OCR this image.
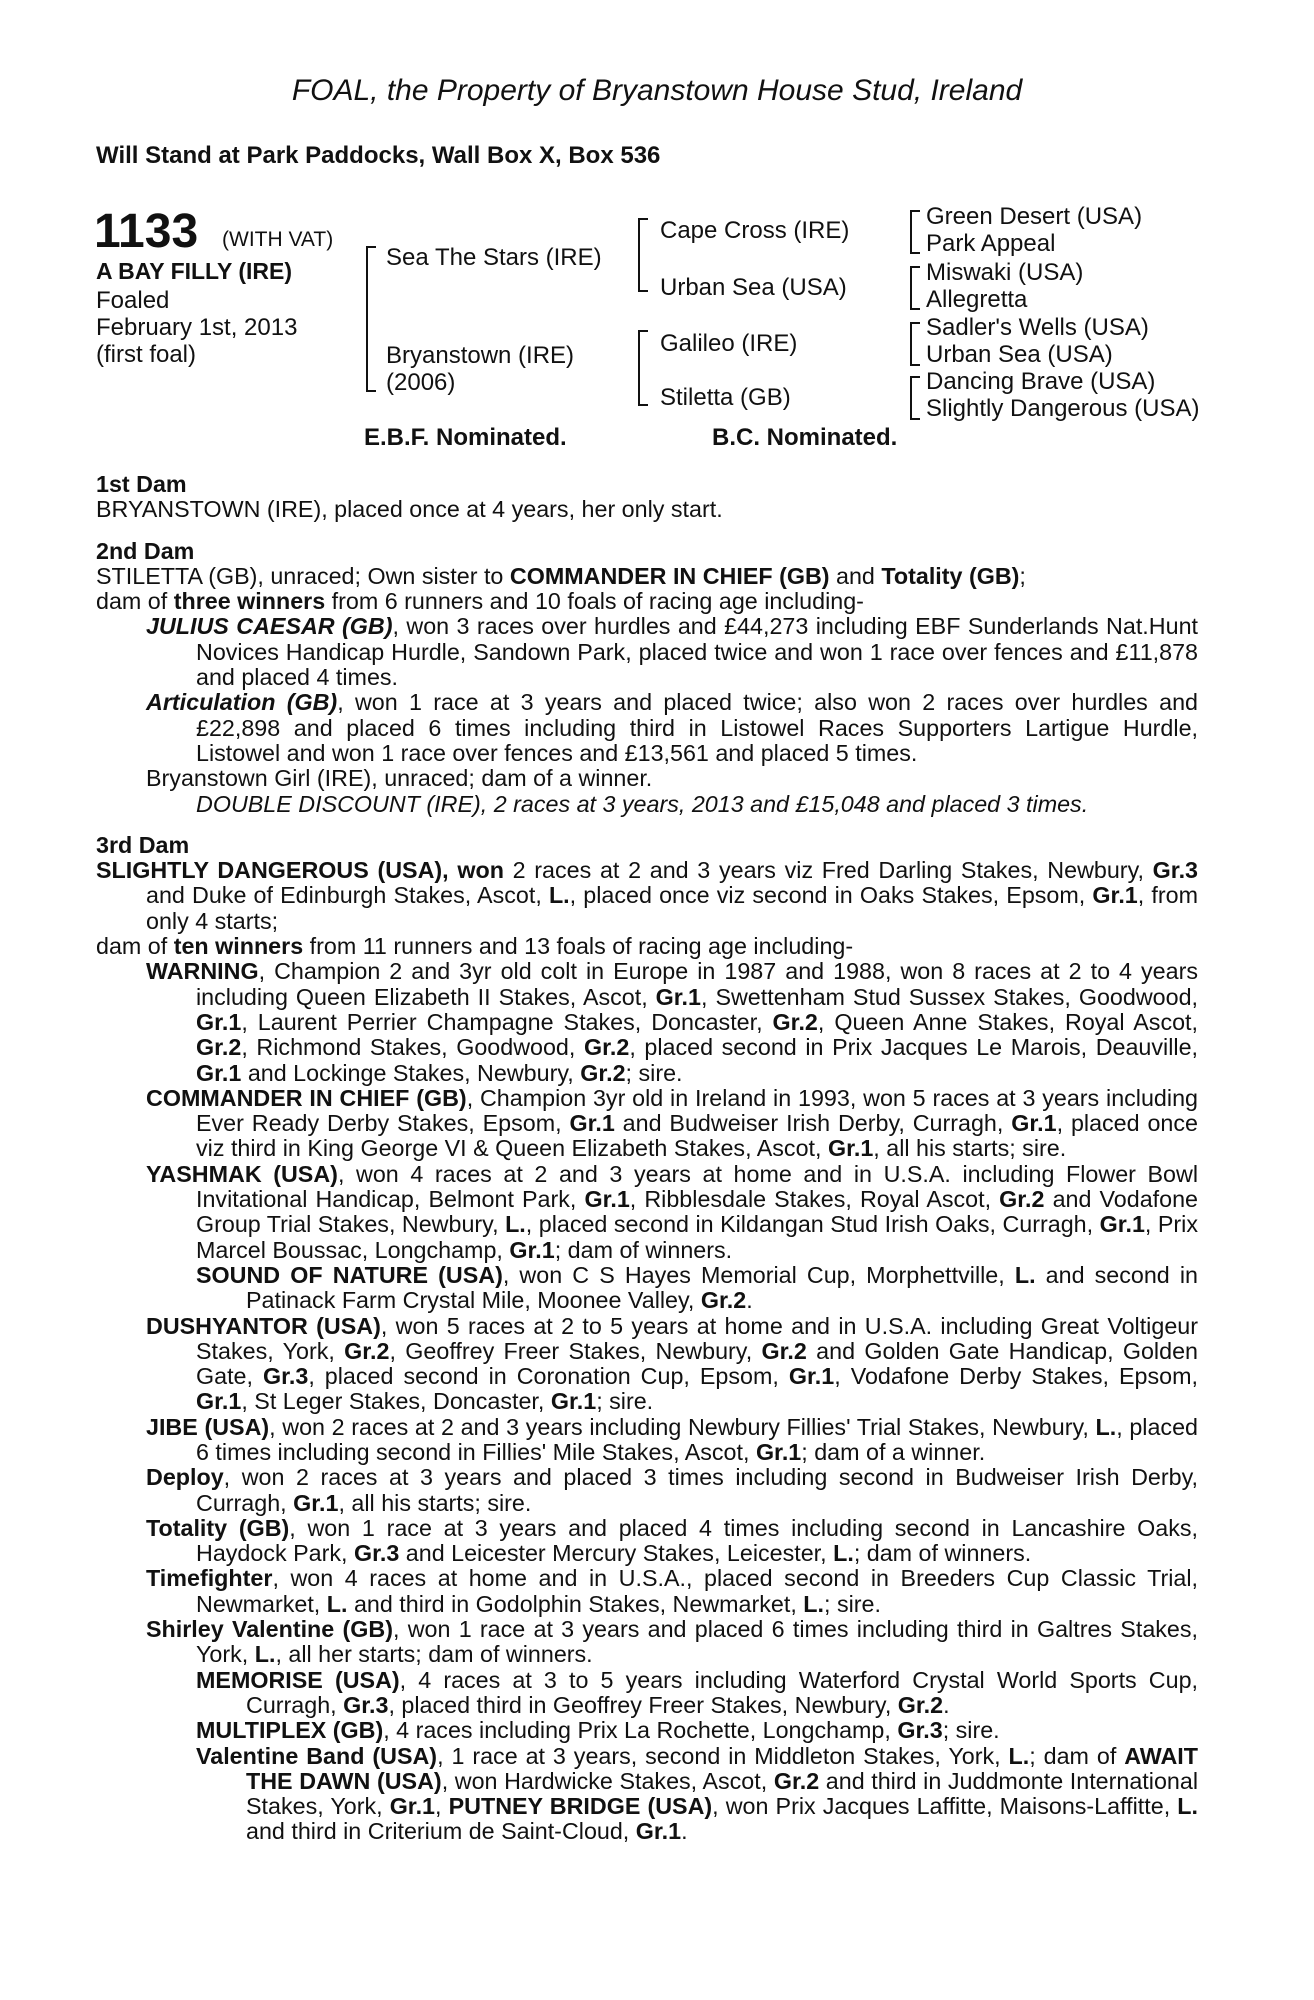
FOAL, the Property of Bryanstown House Stud, Ireland
Will Stand at Park Paddocks, Wall Box X, Box 536
1133 (WITH VAT)
A BAY FILLY (IRE)
Foaled
February 1st, 2013
(first foal)
Sea The Stars (IRE)
Bryanstown (IRE)
(2006)
Cape Cross (IRE)
Urban Sea (USA)
Galileo (IRE)
Stiletta (GB)
Green Desert (USA)
Park Appeal
Miswaki (USA)
Allegretta
Sadler's Wells (USA)
Urban Sea (USA)
Dancing Brave (USA)
Slightly Dangerous (USA)
E.B.F. Nominated.	B.C. Nominated.
1st Dam

BRYANSTOWN (IRE), placed once at 4 years, her only start.

2nd Dam

STILETTA (GB), unraced; Own sister to COMMANDER IN CHIEF (GB) and Totality (GB);

dam of three winners from 6 runners and 10 foals of racing age including-

JULIUS CAESAR (GB), won 3 races over hurdles and £44,273 including EBF Sunderlands Nat.Hunt Novices Handicap Hurdle, Sandown Park, placed twice and won 1 race over fences and £11,878 and placed 4 times.

Articulation (GB), won 1 race at 3 years and placed twice; also won 2 races over hurdles and £22,898 and placed 6 times including third in Listowel Races Supporters Lartigue Hurdle, Listowel and won 1 race over fences and £13,561 and placed 5 times.

Bryanstown Girl (IRE), unraced; dam of a winner.

DOUBLE DISCOUNT (IRE), 2 races at 3 years, 2013 and £15,048 and placed 3 times.

3rd Dam

SLIGHTLY DANGEROUS (USA), won 2 races at 2 and 3 years viz Fred Darling Stakes, Newbury, Gr.3 and Duke of Edinburgh Stakes, Ascot, L., placed once viz second in Oaks Stakes, Epsom, Gr.1, from only 4 starts;

dam of ten winners from 11 runners and 13 foals of racing age including-

WARNING, Champion 2 and 3yr old colt in Europe in 1987 and 1988, won 8 races at 2 to 4 years including Queen Elizabeth II Stakes, Ascot, Gr.1, Swettenham Stud Sussex Stakes, Goodwood, Gr.1, Laurent Perrier Champagne Stakes, Doncaster, Gr.2, Queen Anne Stakes, Royal Ascot, Gr.2, Richmond Stakes, Goodwood, Gr.2, placed second in Prix Jacques Le Marois, Deauville, Gr.1 and Lockinge Stakes, Newbury, Gr.2; sire.

COMMANDER IN CHIEF (GB), Champion 3yr old in Ireland in 1993, won 5 races at 3 years including Ever Ready Derby Stakes, Epsom, Gr.1 and Budweiser Irish Derby, Curragh, Gr.1, placed once viz third in King George VI & Queen Elizabeth Stakes, Ascot, Gr.1, all his starts; sire.

YASHMAK (USA), won 4 races at 2 and 3 years at home and in U.S.A. including Flower Bowl Invitational Handicap, Belmont Park, Gr.1, Ribblesdale Stakes, Royal Ascot, Gr.2 and Vodafone Group Trial Stakes, Newbury, L., placed second in Kildangan Stud Irish Oaks, Curragh, Gr.1, Prix Marcel Boussac, Longchamp, Gr.1; dam of winners.

SOUND OF NATURE (USA), won C S Hayes Memorial Cup, Morphettville, L. and second in Patinack Farm Crystal Mile, Moonee Valley, Gr.2.

DUSHYANTOR (USA), won 5 races at 2 to 5 years at home and in U.S.A. including Great Voltigeur Stakes, York, Gr.2, Geoffrey Freer Stakes, Newbury, Gr.2 and Golden Gate Handicap, Golden Gate, Gr.3, placed second in Coronation Cup, Epsom, Gr.1, Vodafone Derby Stakes, Epsom, Gr.1, St Leger Stakes, Doncaster, Gr.1; sire.

JIBE (USA), won 2 races at 2 and 3 years including Newbury Fillies' Trial Stakes, Newbury, L., placed 6 times including second in Fillies' Mile Stakes, Ascot, Gr.1; dam of a winner.

Deploy, won 2 races at 3 years and placed 3 times including second in Budweiser Irish Derby, Curragh, Gr.1, all his starts; sire.

Totality (GB), won 1 race at 3 years and placed 4 times including second in Lancashire Oaks, Haydock Park, Gr.3 and Leicester Mercury Stakes, Leicester, L.; dam of winners.

Timefighter, won 4 races at home and in U.S.A., placed second in Breeders Cup Classic Trial, Newmarket, L. and third in Godolphin Stakes, Newmarket, L.; sire.

Shirley Valentine (GB), won 1 race at 3 years and placed 6 times including third in Galtres Stakes, York, L., all her starts; dam of winners.

MEMORISE (USA), 4 races at 3 to 5 years including Waterford Crystal World Sports Cup, Curragh, Gr.3, placed third in Geoffrey Freer Stakes, Newbury, Gr.2.

MULTIPLEX (GB), 4 races including Prix La Rochette, Longchamp, Gr.3; sire.

Valentine Band (USA), 1 race at 3 years, second in Middleton Stakes, York, L.; dam of AWAIT THE DAWN (USA), won Hardwicke Stakes, Ascot, Gr.2 and third in Juddmonte International Stakes, York, Gr.1, PUTNEY BRIDGE (USA), won Prix Jacques Laffitte, Maisons-Laffitte, L. and third in Criterium de Saint-Cloud, Gr.1.
